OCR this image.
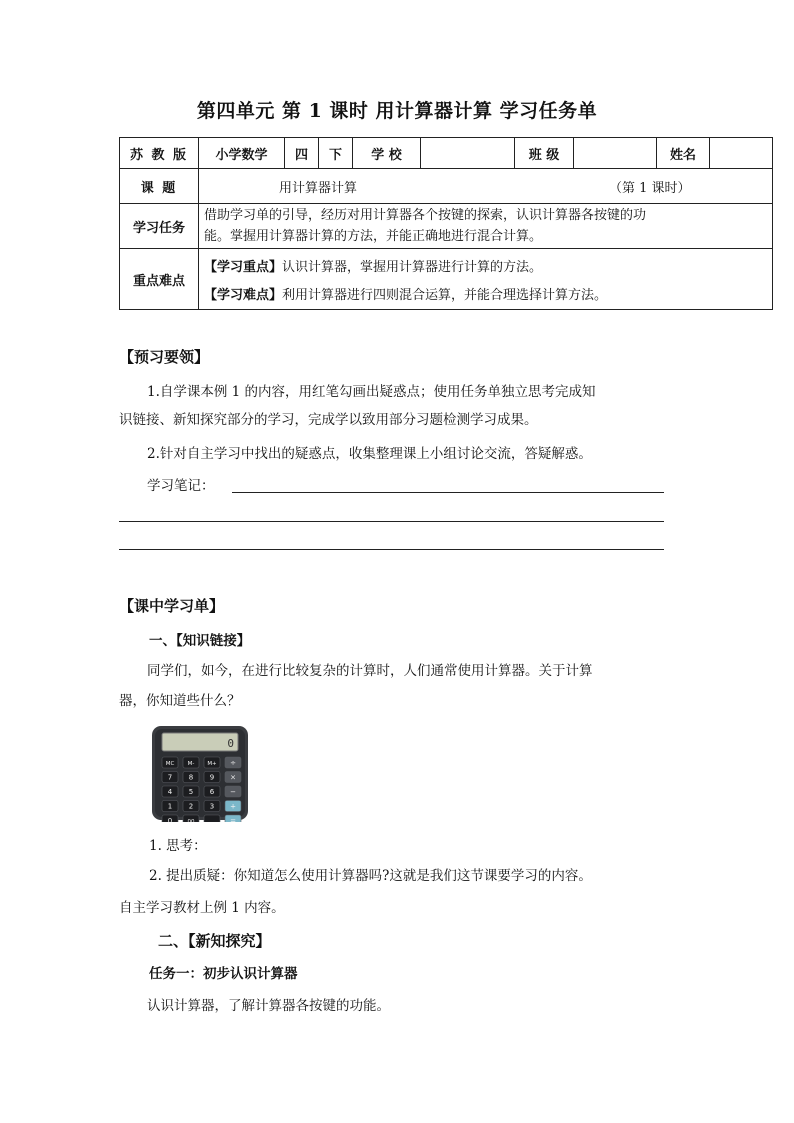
第四单元 第 1 课时 用计算器计算 学习任务单
苏 教 版	小学数学	四	下	学 校		班 级		姓名	
课 题	用计算器计算 （第 1 课时）								

学习任务	借助学习单的引导，经历对用计算器各个按键的探索，认识计算器各按键的功
能。掌握用计算器计算的方法，并能正确地进行混合计算。								

重点难点	【学习重点】认识计算器，掌握用计算器进行计算的方法。
【学习难点】利用计算器进行四则混合运算，并能合理选择计算方法。								
【预习要领】
1.自学课本例 1 的内容，用红笔勾画出疑惑点；使用任务单独立思考完成知
识链接、新知探究部分的学习，完成学以致用部分习题检测学习成果。
2.针对自主学习中找出的疑惑点，收集整理课上小组讨论交流，答疑解惑。
学习笔记：
【课中学习单】
一、【知识链接】
同学们，如今，在进行比较复杂的计算时，人们通常使用计算器。关于计算
器，你知道些什么？
0
MC M- M+ ÷
7 8 9 ×
4 5 6 −
1 2 3 +
0	00 . =
1. 思考：
2. 提出质疑：你知道怎么使用计算器吗?这就是我们这节课要学习的内容。
自主学习教材上例 1 内容。
二、【新知探究】
任务一：初步认识计算器
认识计算器，了解计算器各按键的功能。
